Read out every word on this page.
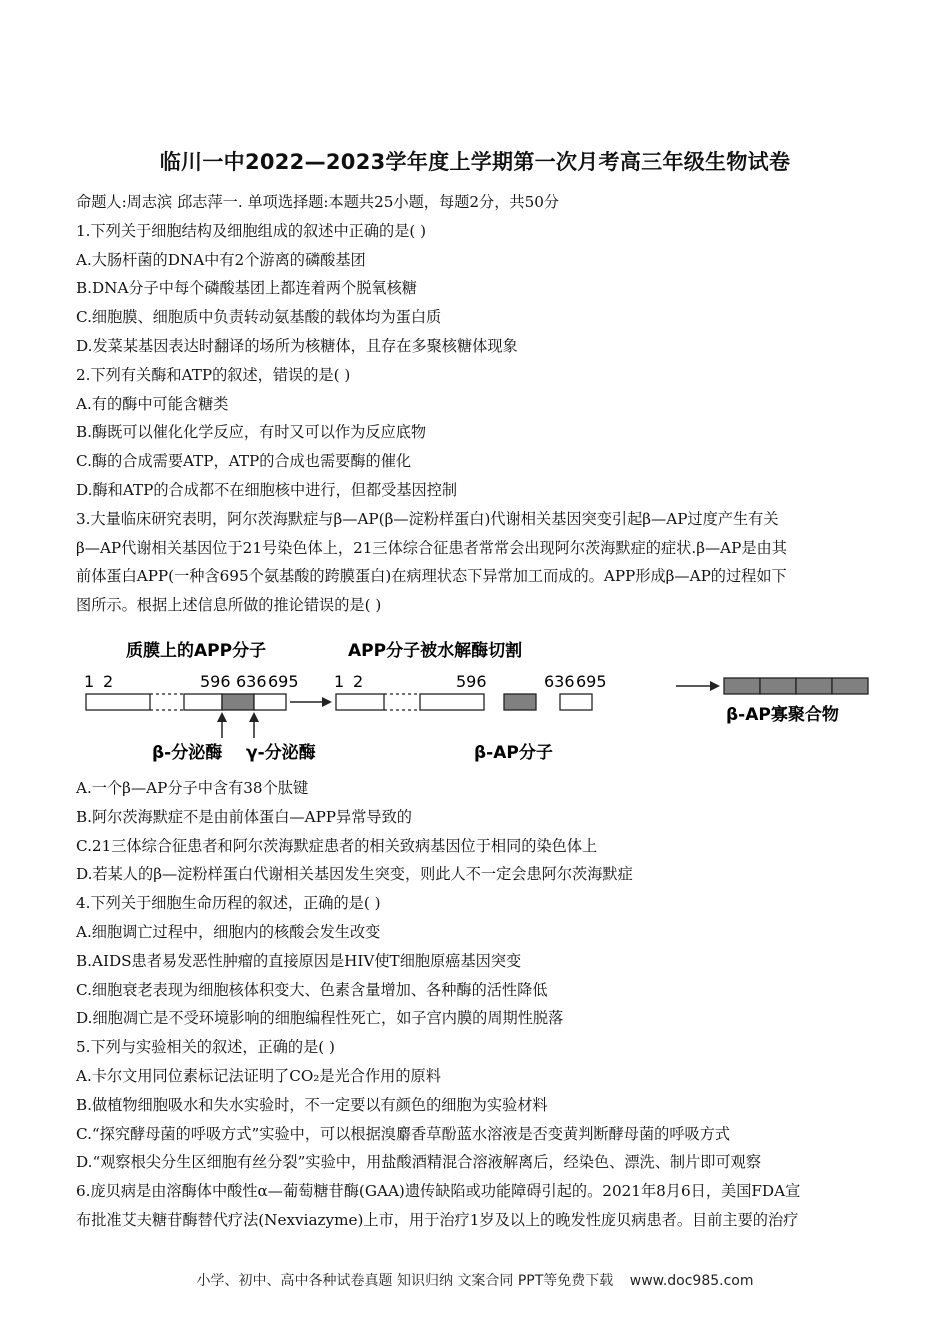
临川一中2022—2023学年度上学期第一次月考高三年级生物试卷
命题人:周志滨 邱志萍一. 单项选择题:本题共25小题，每题2分，共50分
1.下列关于细胞结构及细胞组成的叙述中正确的是( )
A.大肠杆菌的DNA中有2个游离的磷酸基团
B.DNA分子中每个磷酸基团上都连着两个脱氧核糖
C.细胞膜、细胞质中负责转动氨基酸的载体均为蛋白质
D.发菜某基因表达时翻译的场所为核糖体，且存在多聚核糖体现象
2.下列有关酶和ATP的叙述，错误的是( )
A.有的酶中可能含糖类
B.酶既可以催化化学反应，有时又可以作为反应底物
C.酶的合成需要ATP，ATP的合成也需要酶的催化
D.酶和ATP的合成都不在细胞核中进行，但都受基因控制
3.大量临床研究表明，阿尔茨海默症与β—AP(β—淀粉样蛋白)代谢相关基因突变引起β—AP过度产生有关
β—AP代谢相关基因位于21号染色体上，21三体综合征患者常常会出现阿尔茨海默症的症状.β—AP是由其
前体蛋白APP(一种含695个氨基酸的跨膜蛋白)在病理状态下异常加工而成的。APP形成β—AP的过程如下
图所示。根据上述信息所做的推论错误的是( )
质膜上的APP分子	APP分子被水解酶切割
1 2	596 636 695
β-分泌酶 γ-分泌酶
1 2	596	636 695
β-AP分子
β-AP寡聚合物
A.一个β—AP分子中含有38个肽键
B.阿尔茨海默症不是由前体蛋白—APP异常导致的
C.21三体综合征患者和阿尔茨海默症患者的相关致病基因位于相同的染色体上
D.若某人的β—淀粉样蛋白代谢相关基因发生突变，则此人不一定会患阿尔茨海默症
4.下列关于细胞生命历程的叙述，正确的是( )
A.细胞调亡过程中，细胞内的核酸会发生改变
B.AIDS患者易发恶性肿瘤的直接原因是HIV使T细胞原癌基因突变
C.细胞衰老表现为细胞核体积变大、色素含量增加、各种酶的活性降低
D.细胞凋亡是不受环境影响的细胞编程性死亡，如子宫内膜的周期性脱落
5.下列与实验相关的叙述，正确的是( )
A.卡尔文用同位素标记法证明了CO₂是光合作用的原料
B.做植物细胞吸水和失水实验时，不一定要以有颜色的细胞为实验材料
C.“探究酵母菌的呼吸方式”实验中，可以根据溴麝香草酚蓝水溶液是否变黄判断酵母菌的呼吸方式
D.“观察根尖分生区细胞有丝分裂”实验中，用盐酸酒精混合溶液解离后，经染色、漂洗、制片即可观察
6.庞贝病是由溶酶体中酸性α—葡萄糖苷酶(GAA)遗传缺陷或功能障碍引起的。2021年8月6日，美国FDA宣
布批准艾夫糖苷酶替代疗法(Nexviazyme)上市，用于治疗1岁及以上的晚发性庞贝病患者。目前主要的治疗
小学、初中、高中各种试卷真题 知识归纳 文案合同 PPT等免费下载 www.doc985.com
